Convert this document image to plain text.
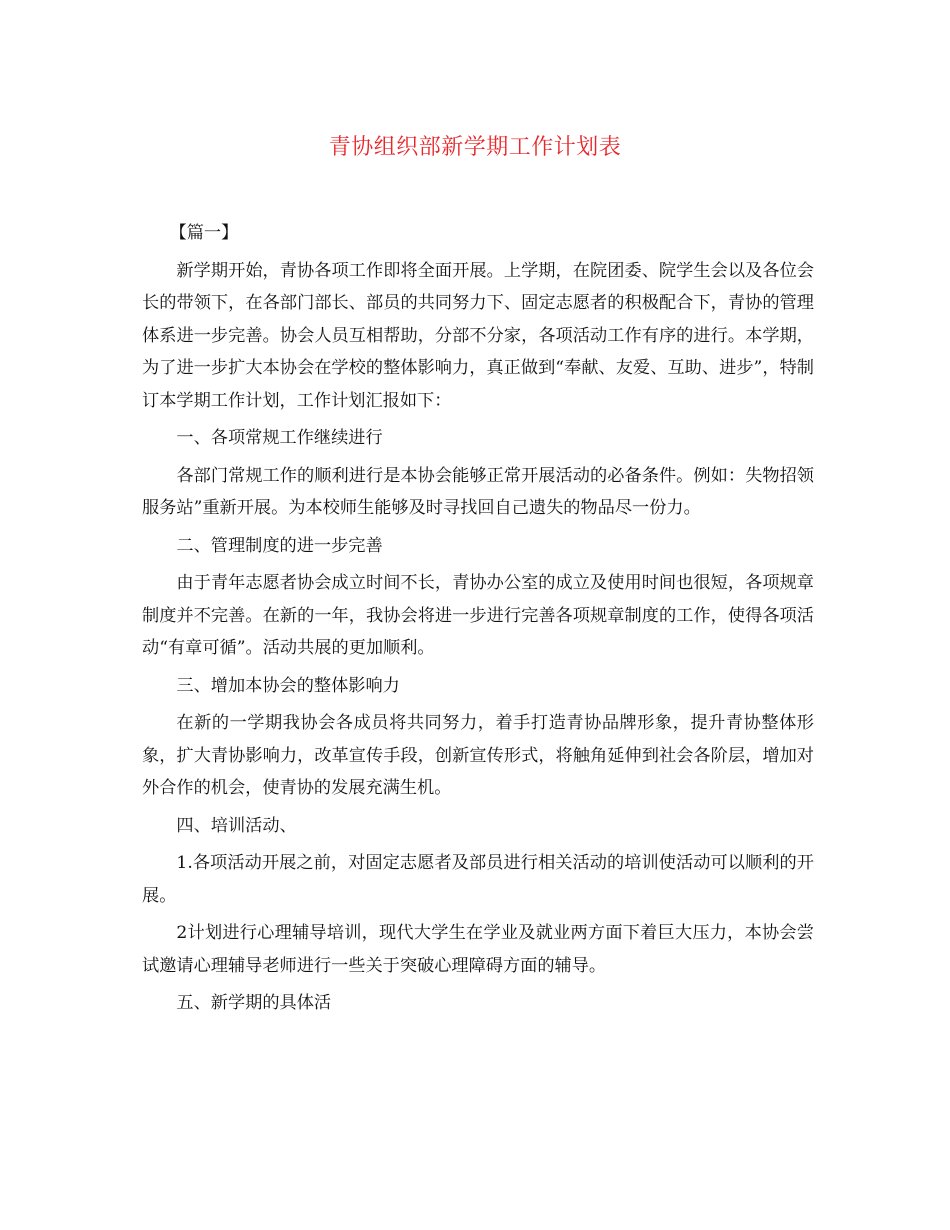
青协组织部新学期工作计划表

【篇一】

新学期开始，青协各项工作即将全面开展。上学期，在院团委、院学生会以及各位会长的带领下，在各部门部长、部员的共同努力下、固定志愿者的积极配合下，青协的管理体系进一步完善。协会人员互相帮助，分部不分家，各项活动工作有序的进行。本学期，为了进一步扩大本协会在学校的整体影响力，真正做到“奉献、友爱、互助、进步”，特制订本学期工作计划，工作计划汇报如下：

一、各项常规工作继续进行

各部门常规工作的顺利进行是本协会能够正常开展活动的必备条件。例如：失物招领服务站”重新开展。为本校师生能够及时寻找回自己遗失的物品尽一份力。

二、管理制度的进一步完善

由于青年志愿者协会成立时间不长，青协办公室的成立及使用时间也很短，各项规章制度并不完善。在新的一年，我协会将进一步进行完善各项规章制度的工作，使得各项活动“有章可循”。活动共展的更加顺利。

三、增加本协会的整体影响力

在新的一学期我协会各成员将共同努力，着手打造青协品牌形象，提升青协整体形象，扩大青协影响力，改革宣传手段，创新宣传形式，将触角延伸到社会各阶层，增加对外合作的机会，使青协的发展充满生机。

四、培训活动、

1.各项活动开展之前，对固定志愿者及部员进行相关活动的培训使活动可以顺利的开展。

2计划进行心理辅导培训，现代大学生在学业及就业两方面下着巨大压力，本协会尝试邀请心理辅导老师进行一些关于突破心理障碍方面的辅导。

五、新学期的具体活
